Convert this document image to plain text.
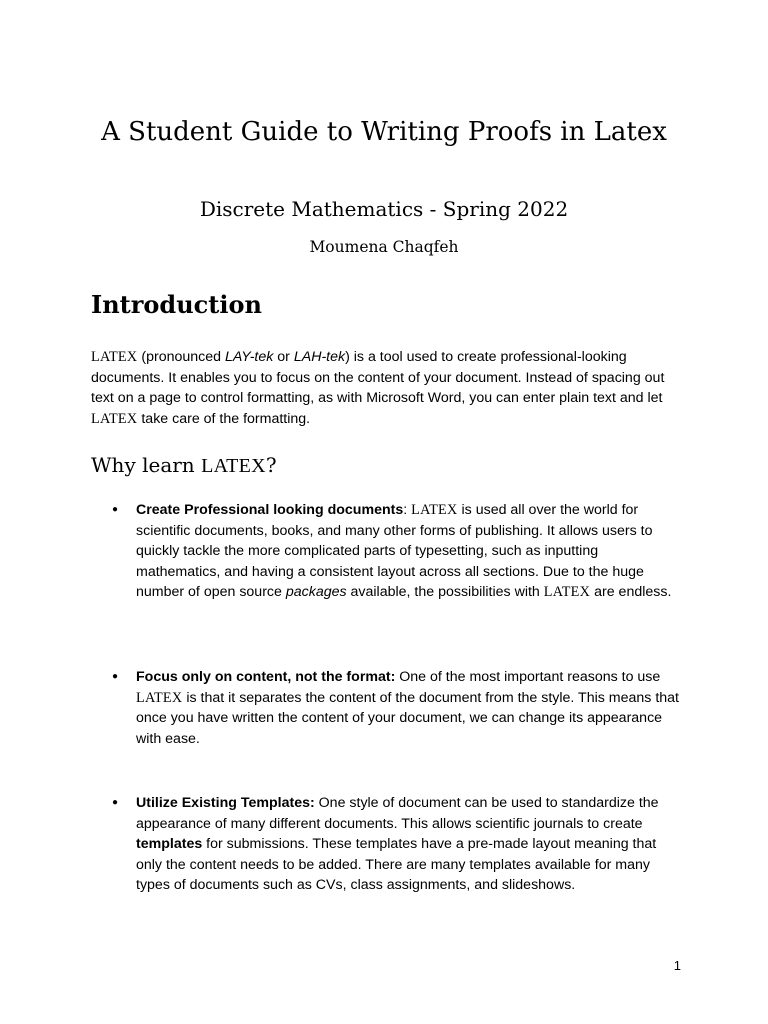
A Student Guide to Writing Proofs in Latex
Discrete Mathematics - Spring 2022
Moumena Chaqfeh
Introduction

LATEX (pronounced LAY-tek or LAH-tek) is a tool used to create professional-looking documents. It enables you to focus on the content of your document. Instead of spacing out text on a page to control formatting, as with Microsoft Word, you can enter plain text and let LATEX take care of the formatting.

Why learn LATEX?
● Create Professional looking documents: LATEX is used all over the world for scientific documents, books, and many other forms of publishing. It allows users to quickly tackle the more complicated parts of typesetting, such as inputting mathematics, and having a consistent layout across all sections. Due to the huge number of open source packages available, the possibilities with LATEX are endless.
● Focus only on content, not the format: One of the most important reasons to use LATEX is that it separates the content of the document from the style. This means that once you have written the content of your document, we can change its appearance with ease.
● Utilize Existing Templates: One style of document can be used to standardize the appearance of many different documents. This allows scientific journals to create templates for submissions. These templates have a pre-made layout meaning that only the content needs to be added. There are many templates available for many types of documents such as CVs, class assignments, and slideshows.
1
